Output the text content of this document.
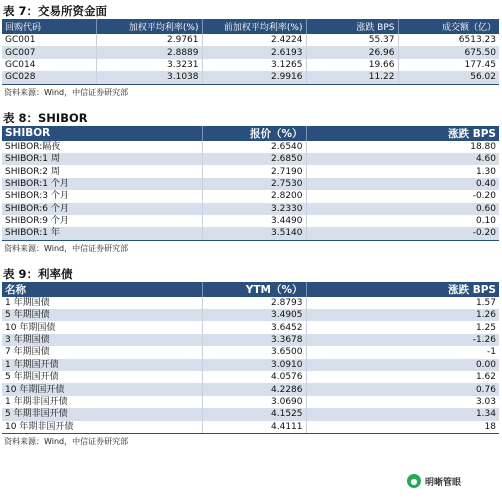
表 7：交易所资金面
回购代码	加权平均利率(%)	前加权平均利率(%)	涨跌 BPS	成交额（亿）
GC001	2.9761	2.4224	55.37	6513.23
GC007	2.8889	2.6193	26.96	675.50
GC014	3.3231	3.1265	19.66	177.45
GC028	3.1038	2.9916	11.22	56.02
资料来源：Wind，中信证券研究部
表 8：SHIBOR
SHIBOR	报价（%）	涨跌 BPS
SHIBOR:隔夜	2.6540	18.80
SHIBOR:1 周	2.6850	4.60
SHIBOR:2 周	2.7190	1.30
SHIBOR:1 个月	2.7530	0.40
SHIBOR:3 个月	2.8200	-0.20
SHIBOR:6 个月	3.2330	0.60
SHIBOR:9 个月	3.4490	0.10
SHIBOR:1 年	3.5140	-0.20
资料来源：Wind，中信证券研究部
表 9：利率债
名称	YTM（%）	涨跌 BPS
1 年期国债	2.8793	1.57
5 年期国债	3.4905	1.26
10 年期国债	3.6452	1.25
3 年期国债	3.3678	-1.26
7 年期国债	3.6500	-1
1 年期国开债	3.0910	0.00
5 年期国开债	4.0576	1.62
10 年期国开债	4.2286	0.76
1 年期非国开债	3.0690	3.03
5 年期非国开债	4.1525	1.34
10 年期非国开债	4.4111	18
资料来源：Wind，中信证券研究部
● 明晰管眼
